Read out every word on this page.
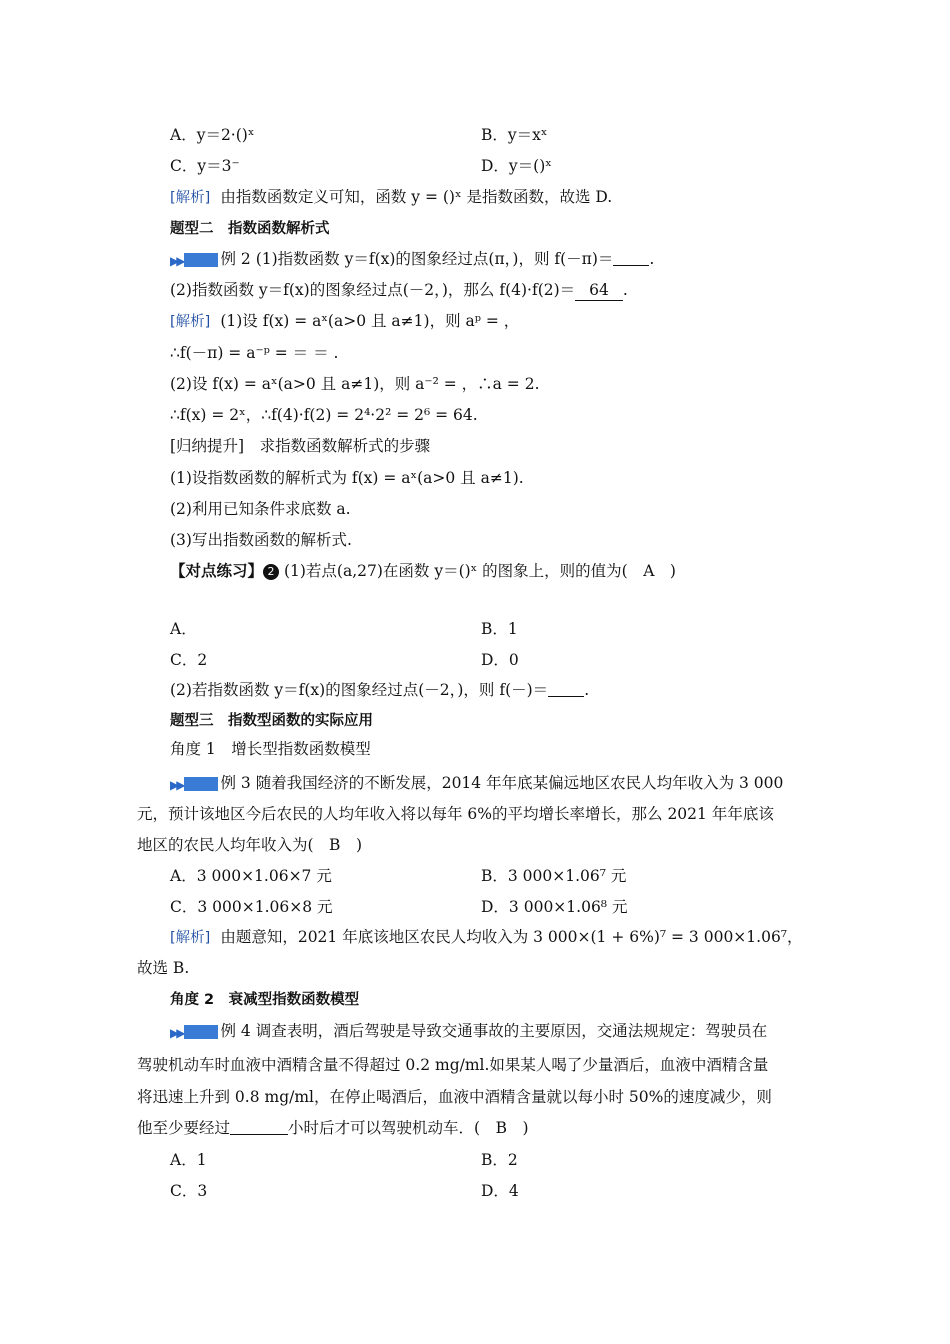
A．y＝2·()ˣ	B．y＝xˣ
C．y＝3⁻	D．y＝()ˣ
[解析] 由指数函数定义可知，函数 y = ()ˣ 是指数函数，故选 D.
题型二　指数函数解析式
▶▶ 例 2 (1)指数函数 y＝f(x)的图象经过点(π，)，则 f(－π)＝ .
(2)指数函数 y＝f(x)的图象经过点(－2，)，那么 f(4)·f(2)＝ 64 .
[解析] (1)设 f(x) = aˣ(a>0 且 a≠1)，则 aᵖ = ，
∴f(－π) = a⁻ᵖ = ＝ ＝ .
(2)设 f(x) = aˣ(a>0 且 a≠1)，则 a⁻² = ，∴a = 2.
∴f(x) = 2ˣ，∴f(4)·f(2) = 2⁴·2² = 2⁶ = 64.
[归纳提升]　求指数函数解析式的步骤
(1)设指数函数的解析式为 f(x) = aˣ(a>0 且 a≠1).
(2)利用已知条件求底数 a.
(3)写出指数函数的解析式.
【对点练习】 2 (1)若点(a,27)在函数 y＝()ˣ 的图象上，则的值为(　A　)
A．	B．1
C．2	D．0
(2)若指数函数 y＝f(x)的图象经过点(－2，)，则 f(－)＝ .
题型三　指数型函数的实际应用
角度 1　增长型指数函数模型
▶▶ 例 3 随着我国经济的不断发展，2014 年年底某偏远地区农民人均年收入为 3 000
元，预计该地区今后农民的人均年收入将以每年 6%的平均增长率增长，那么 2021 年年底该
地区的农民人均年收入为(　B　)
A．3 000×1.06×7 元	B．3 000×1.06⁷ 元
C．3 000×1.06×8 元	D．3 000×1.06⁸ 元
[解析] 由题意知，2021 年底该地区农民人均收入为 3 000×(1 + 6%)⁷ = 3 000×1.06⁷，
故选 B.
角度 2　衰减型指数函数模型
▶▶ 例 4 调查表明，酒后驾驶是导致交通事故的主要原因，交通法规规定：驾驶员在
驾驶机动车时血液中酒精含量不得超过 0.2 mg/ml.如果某人喝了少量酒后，血液中酒精含量
将迅速上升到 0.8 mg/ml，在停止喝酒后，血液中酒精含量就以每小时 50%的速度减少，则
他至少要经过	小时后才可以驾驶机动车．(　B　)
A．1	B．2
C．3	D．4
